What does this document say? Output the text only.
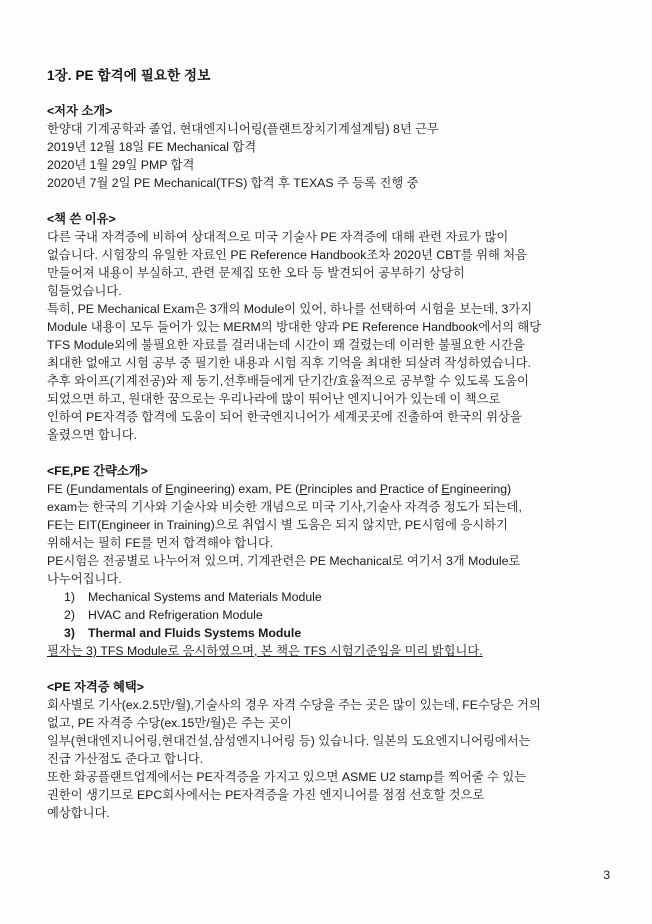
1장. PE 합격에 필요한 정보
<저자 소개>
한양대 기계공학과 졸업, 현대엔지니어링(플랜트장치기계설계팀) 8년 근무
2019년 12월 18일 FE Mechanical 합격
2020년 1월 29일 PMP 합격
2020년 7월 2일 PE Mechanical(TFS) 합격 후 TEXAS 주 등록 진행 중
<책 쓴 이유>
다른 국내 자격증에 비하여 상대적으로 미국 기술사 PE 자격증에 대해 관련 자료가 많이
없습니다. 시험장의 유일한 자료인 PE Reference Handbook조차 2020년 CBT를 위해 처음
만들어져 내용이 부실하고, 관련 문제집 또한 오타 등 발견되어 공부하기 상당히
힘들었습니다.
특히, PE Mechanical Exam은 3개의 Module이 있어, 하나를 선택하여 시험을 보는데, 3가지
Module 내용이 모두 들어가 있는 MERM의 방대한 양과 PE Reference Handbook에서의 해당
TFS Module외에 불필요한 자료를 걸러내는데 시간이 꽤 걸렸는데 이러한 불필요한 시간을
최대한 없애고 시험 공부 중 필기한 내용과 시험 직후 기억을 최대한 되살려 작성하였습니다.
추후 와이프(기계전공)와 제 동기,선후배들에게 단기간/효율적으로 공부할 수 있도록 도움이
되었으면 하고, 원대한 꿈으로는 우리나라에 많이 뛰어난 엔지니어가 있는데 이 책으로
인하여 PE자격증 합격에 도움이 되어 한국엔지니어가 세계곳곳에 진출하여 한국의 위상을
올렸으면 합니다.
<FE,PE 간략소개>
FE (Fundamentals of Engineering) exam, PE (Principles and Practice of Engineering)
exam는 한국의 기사와 기술사와 비슷한 개념으로 미국 기사,기술사 자격증 정도가 되는데,
FE는 EIT(Engineer in Training)으로 취업시 별 도움은 되지 않지만, PE시험에 응시하기
위해서는 필히 FE를 먼저 합격해야 합니다.
PE시험은 전공별로 나누어져 있으며, 기계관련은 PE Mechanical로 여기서 3개 Module로
나누어집니다.
1)	Mechanical Systems and Materials Module
2)	HVAC and Refrigeration Module
3)	Thermal and Fluids Systems Module
필자는 3) TFS Module로 응시하였으며, 본 책은 TFS 시험기준임을 미리 밝힙니다.
<PE 자격증 혜택>
회사별로 기사(ex.2.5만/월),기술사의 경우 자격 수당을 주는 곳은 많이 있는데, FE수당은 거의
없고, PE 자격증 수당(ex.15만/월)은 주는 곳이
일부(현대엔지니어링,현대건설,삼성엔지니어링 등) 있습니다. 일본의 도요엔지니어링에서는
진급 가산점도 준다고 합니다.
또한 화공플랜트업계에서는 PE자격증을 가지고 있으면 ASME U2 stamp를 찍어줄 수 있는
권한이 생기므로 EPC회사에서는 PE자격증을 가진 엔지니어를 점점 선호할 것으로
예상합니다.
3
